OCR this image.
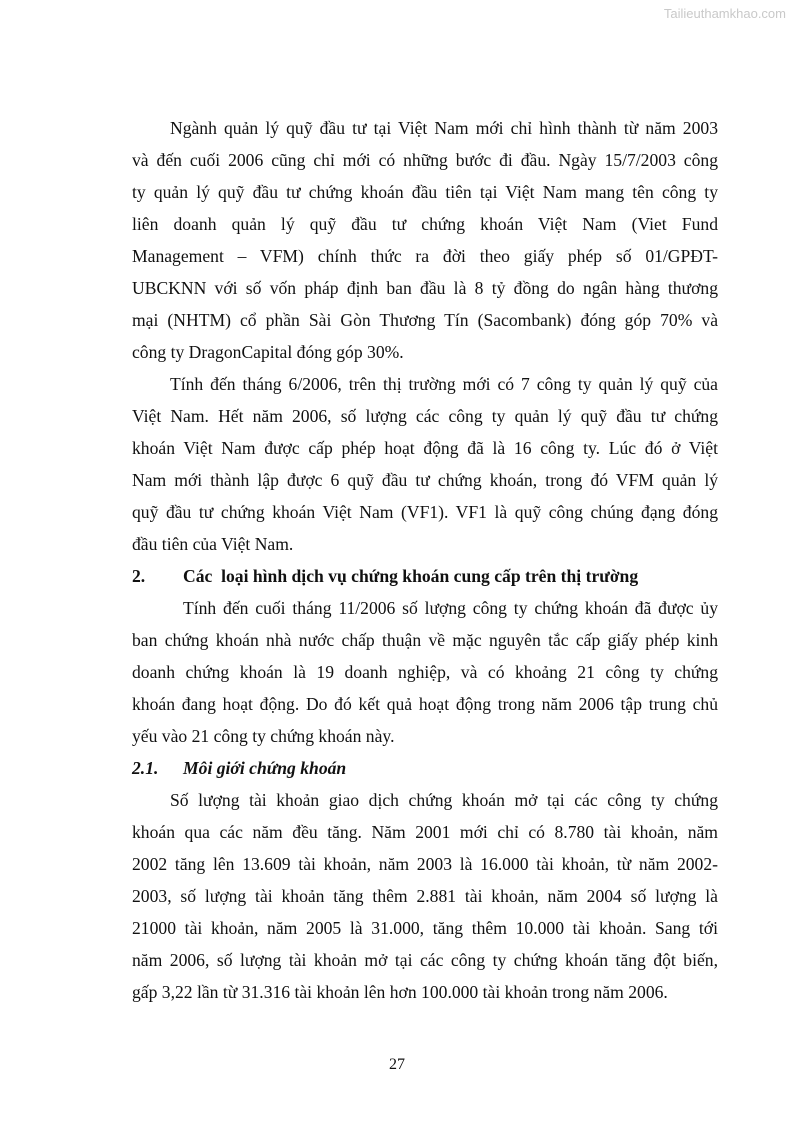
Tailieuthamkhao.com
Ngành quản lý quỹ đầu tư tại Việt Nam mới chỉ hình thành từ năm 2003
và đến cuối 2006 cũng chỉ mới có những bước đi đầu. Ngày 15/7/2003 công
ty quản lý quỹ đầu tư chứng khoán đầu tiên tại Việt Nam mang tên công ty
liên doanh quản lý quỹ đầu tư chứng khoán Việt Nam (Viet Fund
Management – VFM) chính thức ra đời theo giấy phép số 01/GPĐT-
UBCKNN với số vốn pháp định ban đầu là 8 tỷ đồng do ngân hàng thương
mại (NHTM) cổ phần Sài Gòn Thương Tín (Sacombank) đóng góp 70% và
công ty DragonCapital đóng góp 30%.
Tính đến tháng 6/2006, trên thị trường mới có 7 công ty quản lý quỹ của
Việt Nam. Hết năm 2006, số lượng các công ty quản lý quỹ đầu tư chứng
khoán Việt Nam được cấp phép hoạt động đã là 16 công ty. Lúc đó ở Việt
Nam mới thành lập được 6 quỹ đầu tư chứng khoán, trong đó VFM quản lý
quỹ đầu tư chứng khoán Việt Nam (VF1). VF1 là quỹ công chúng đạng đóng
đầu tiên của Việt Nam.
2.	Các  loại hình dịch vụ chứng khoán cung cấp trên thị trường
Tính đến cuối tháng 11/2006 số lượng công ty chứng khoán đã được ủy
ban chứng khoán nhà nước chấp thuận về mặc nguyên tắc cấp giấy phép kinh
doanh chứng khoán là 19 doanh nghiệp, và có khoảng 21 công ty chứng
khoán đang hoạt động. Do đó kết quả hoạt động trong năm 2006 tập trung chủ
yếu vào 21 công ty chứng khoán này.
2.1.	Môi giới chứng khoán
Số lượng tài khoản giao dịch chứng khoán mở tại các công ty chứng
khoán qua các năm đều tăng. Năm 2001 mới chỉ có 8.780 tài khoản, năm
2002 tăng lên 13.609 tài khoản, năm 2003 là 16.000 tài khoản, từ năm 2002-
2003, số lượng tài khoản tăng thêm 2.881 tài khoản, năm 2004 số lượng là
21000 tài khoản, năm 2005 là 31.000, tăng thêm 10.000 tài khoản. Sang tới
năm 2006, số lượng tài khoản mở tại các công ty chứng khoán tăng đột biến,
gấp 3,22 lần từ 31.316 tài khoản lên hơn 100.000 tài khoản trong năm 2006.
27
